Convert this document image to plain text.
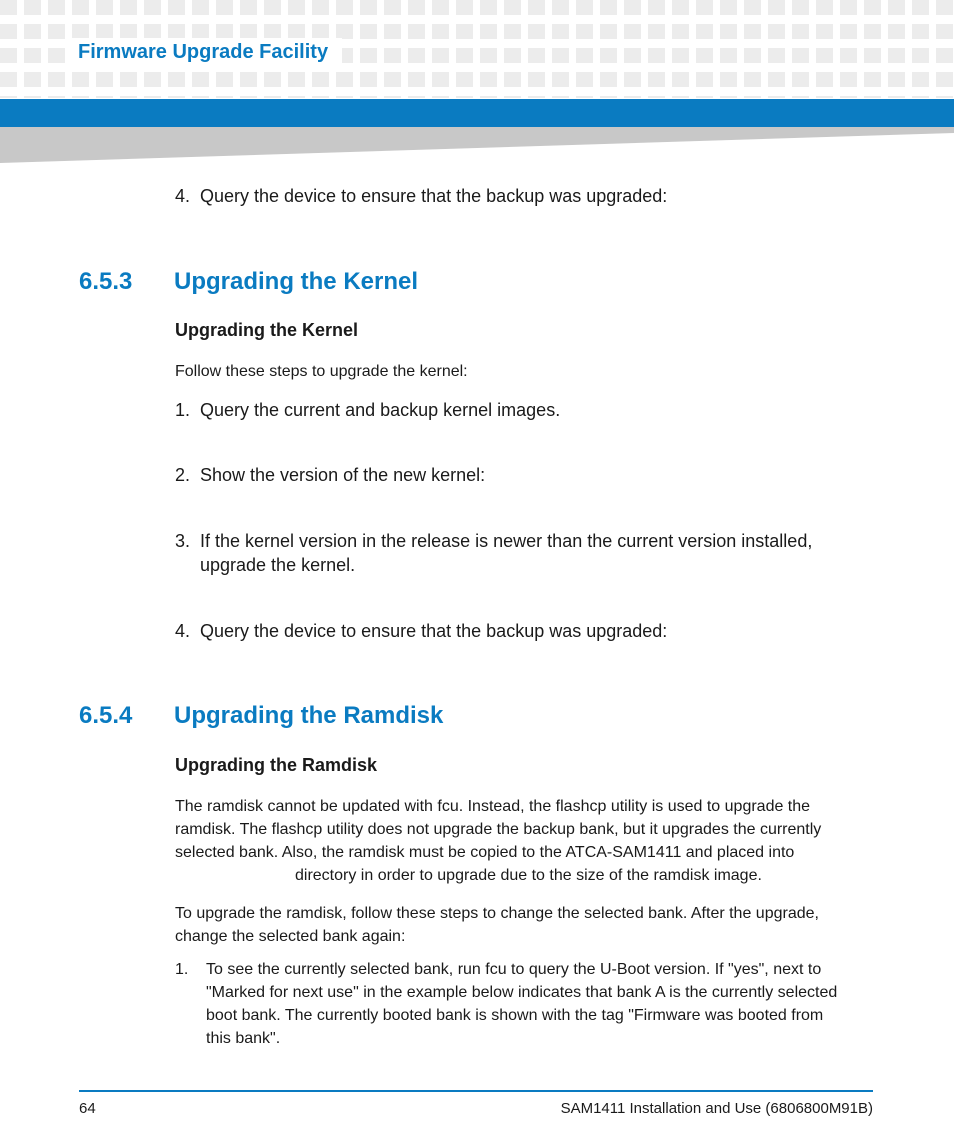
Firmware Upgrade Facility
4. Query the device to ensure that the backup was upgraded:
6.5.3 Upgrading the Kernel
Upgrading the Kernel
Follow these steps to upgrade the kernel:
1. Query the current and backup kernel images.
2. Show the version of the new kernel:
3. If the kernel version in the release is newer than the current version installed, upgrade the kernel.
4. Query the device to ensure that the backup was upgraded:
6.5.4 Upgrading the Ramdisk
Upgrading the Ramdisk
The ramdisk cannot be updated with fcu. Instead, the flashcp utility is used to upgrade the
ramdisk. The flashcp utility does not upgrade the backup bank, but it upgrades the currently
selected bank. Also, the ramdisk must be copied to the ATCA-SAM1411 and placed into
directory in order to upgrade due to the size of the ramdisk image.
To upgrade the ramdisk, follow these steps to change the selected bank. After the upgrade,
change the selected bank again:
1. To see the currently selected bank, run fcu to query the U-Boot version. If "yes", next to
"Marked for next use" in the example below indicates that bank A is the currently selected
boot bank. The currently booted bank is shown with the tag "Firmware was booted from
this bank".
64	SAM1411 Installation and Use (6806800M91B)
